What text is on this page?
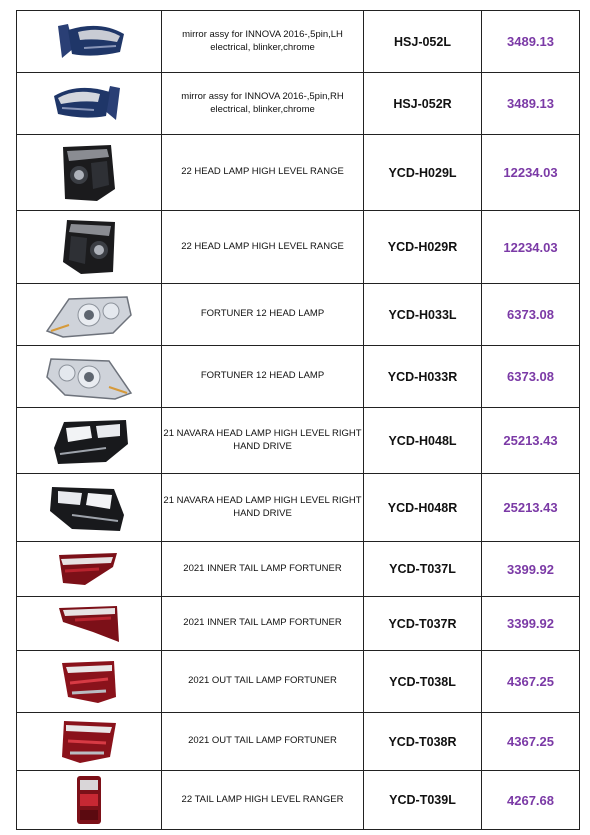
	mirror assy for INNOVA 2016-,5pin,LH electrical, blinker,chrome	HSJ-052L	3489.13

	mirror assy for INNOVA 2016-,5pin,RH electrical, blinker,chrome	HSJ-052R	3489.13

	22 HEAD LAMP HIGH LEVEL RANGE	YCD-H029L	12234.03

	22 HEAD LAMP HIGH LEVEL RANGE	YCD-H029R	12234.03

	FORTUNER 12 HEAD LAMP	YCD-H033L	6373.08

	FORTUNER 12 HEAD LAMP	YCD-H033R	6373.08

	21 NAVARA HEAD LAMP HIGH LEVEL RIGHT HAND DRIVE	YCD-H048L	25213.43

	21 NAVARA HEAD LAMP HIGH LEVEL RIGHT HAND DRIVE	YCD-H048R	25213.43

	2021 INNER TAIL LAMP FORTUNER	YCD-T037L	3399.92

	2021 INNER TAIL LAMP FORTUNER	YCD-T037R	3399.92

	2021 OUT TAIL LAMP FORTUNER	YCD-T038L	4367.25

	2021 OUT TAIL LAMP FORTUNER	YCD-T038R	4367.25

	22 TAIL LAMP HIGH LEVEL RANGER	YCD-T039L	4267.68
